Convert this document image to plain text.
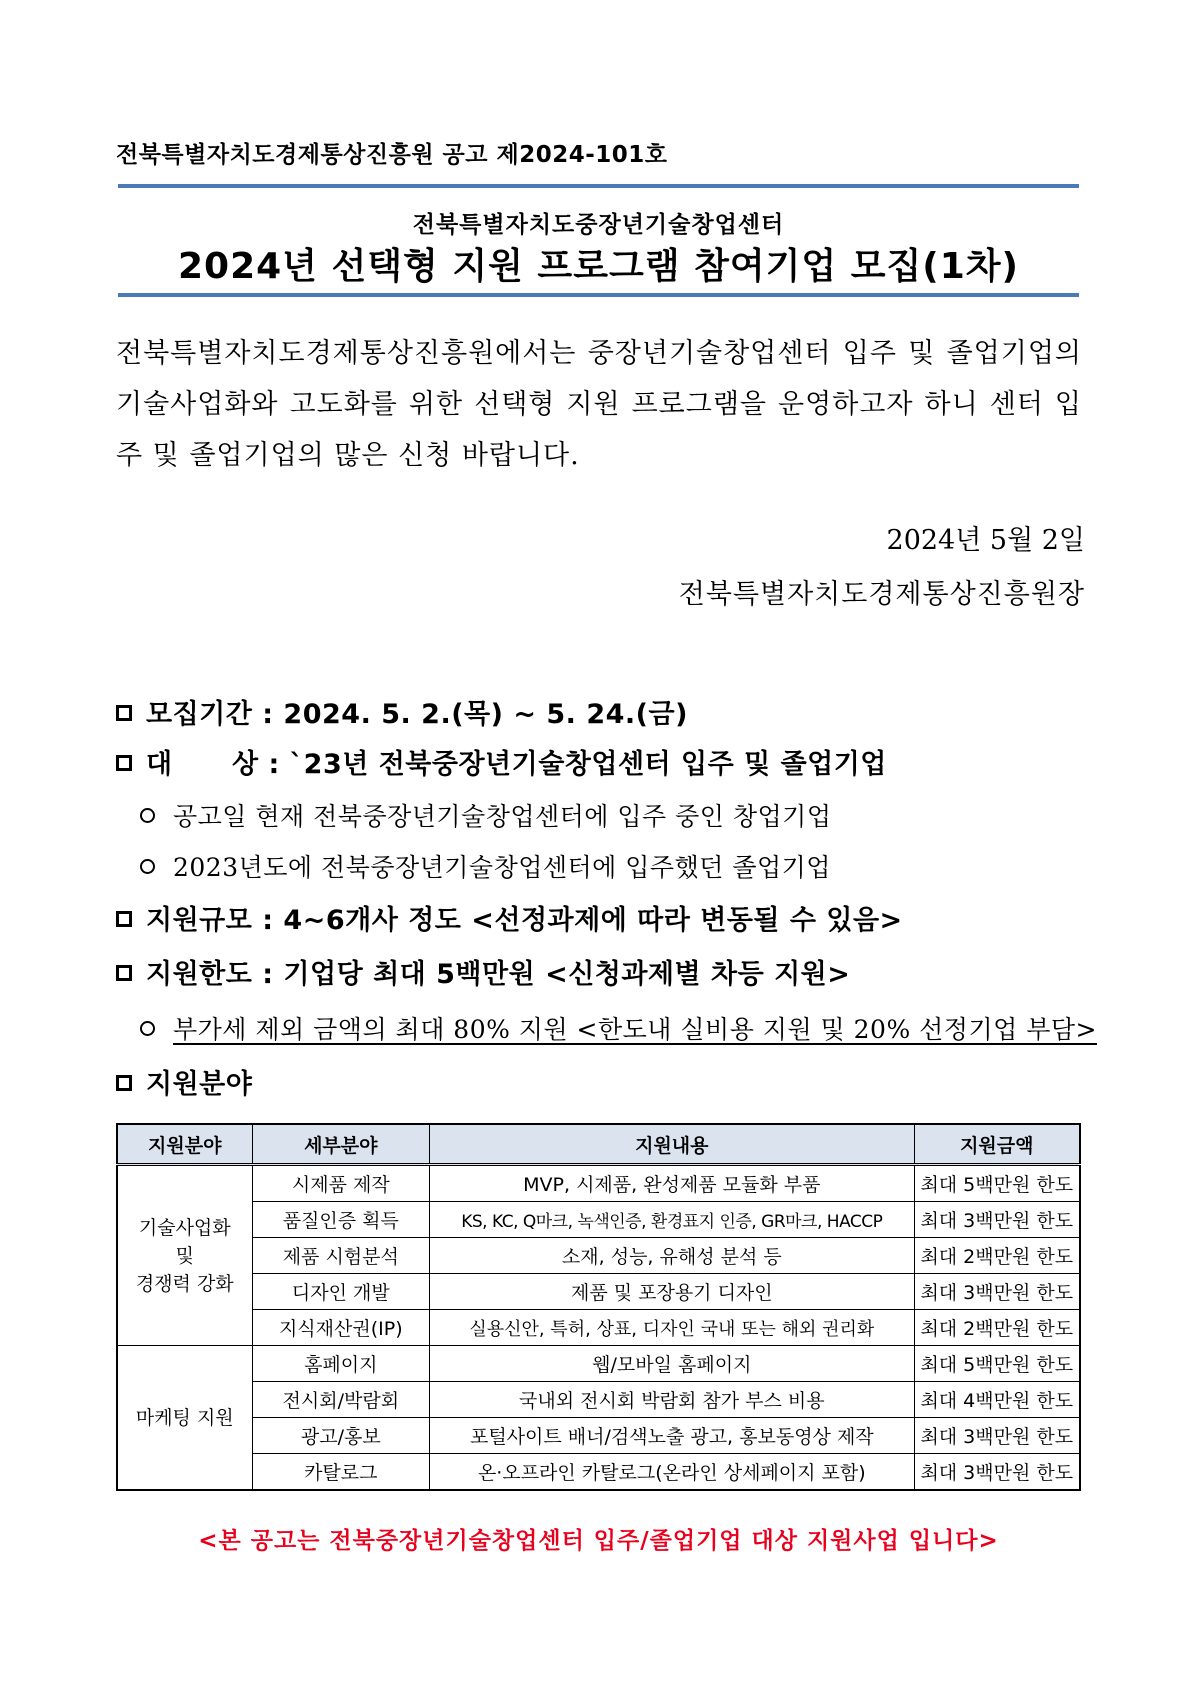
전북특별자치도경제통상진흥원 공고 제2024-101호
전북특별자치도중장년기술창업센터
2024년 선택형 지원 프로그램 참여기업 모집(1차)
전북특별자치도경제통상진흥원에서는 중장년기술창업센터 입주 및 졸업기업의 기술사업화와 고도화를 위한 선택형 지원 프로그램을 운영하고자 하니 센터 입주 및 졸업기업의 많은 신청 바랍니다.
2024년 5월 2일
전북특별자치도경제통상진흥원장
모집기간 : 2024. 5. 2.(목) ~ 5. 24.(금)
대      상 : `23년 전북중장년기술창업센터 입주 및 졸업기업
공고일 현재 전북중장년기술창업센터에 입주 중인 창업기업
2023년도에 전북중장년기술창업센터에 입주했던 졸업기업
지원규모 : 4~6개사 정도 <선정과제에 따라 변동될 수 있음>
지원한도 : 기업당 최대 5백만원 <신청과제별 차등 지원>
부가세 제외 금액의 최대 80% 지원 <한도내 실비용 지원 및 20% 선정기업 부담>
지원분야
지원분야	세부분야	지원내용	지원금액
기술사업화
및
경쟁력 강화	시제품 제작	MVP, 시제품, 완성제품 모듈화 부품	최대 5백만원 한도
	품질인증 획득	KS, KC, Q마크, 녹색인증, 환경표지 인증, GR마크, HACCP	최대 3백만원 한도
	제품 시험분석	소재, 성능, 유해성 분석 등	최대 2백만원 한도
	디자인 개발	제품 및 포장용기 디자인	최대 3백만원 한도
	지식재산권(IP)	실용신안, 특허, 상표, 디자인 국내 또는 해외 권리화	최대 2백만원 한도
마케팅 지원	홈페이지	웹/모바일 홈페이지	최대 5백만원 한도
	전시회/박람회	국내외 전시회 박람회 참가 부스 비용	최대 4백만원 한도
	광고/홍보	포털사이트 배너/검색노출 광고, 홍보동영상 제작	최대 3백만원 한도
	카탈로그	온·오프라인 카탈로그(온라인 상세페이지 포함)	최대 3백만원 한도
<본 공고는 전북중장년기술창업센터 입주/졸업기업 대상 지원사업 입니다>
